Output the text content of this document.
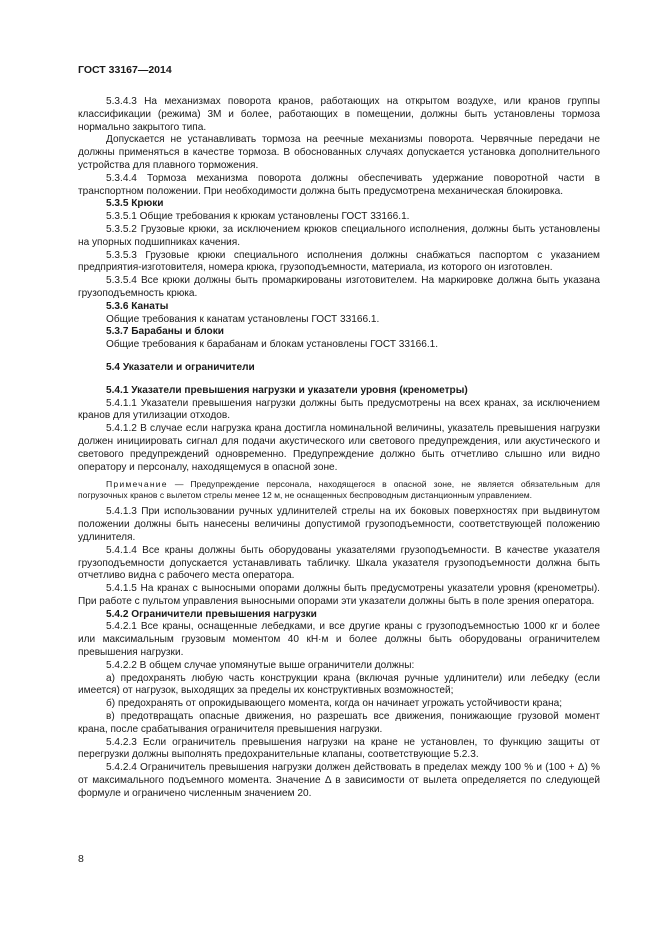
ГОСТ 33167—2014

5.3.4.3 На механизмах поворота кранов, работающих на открытом воздухе, или кранов группы классификации (режима) 3М и более, работающих в помещении, должны быть установлены тормоза нормально закрытого типа.

Допускается не устанавливать тормоза на реечные механизмы поворота. Червячные передачи не должны применяться в качестве тормоза. В обоснованных случаях допускается установка дополнительного устройства для плавного торможения.

5.3.4.4 Тормоза механизма поворота должны обеспечивать удержание поворотной части в транспортном положении. При необходимости должна быть предусмотрена механическая блокировка.

5.3.5 Крюки

5.3.5.1 Общие требования к крюкам установлены ГОСТ 33166.1.

5.3.5.2 Грузовые крюки, за исключением крюков специального исполнения, должны быть установлены на упорных подшипниках качения.

5.3.5.3 Грузовые крюки специального исполнения должны снабжаться паспортом с указанием предприятия-изготовителя, номера крюка, грузоподъемности, материала, из которого он изготовлен.

5.3.5.4 Все крюки должны быть промаркированы изготовителем. На маркировке должна быть указана грузоподъемность крюка.

5.3.6 Канаты

Общие требования к канатам установлены ГОСТ 33166.1.

5.3.7 Барабаны и блоки

Общие требования к барабанам и блокам установлены ГОСТ 33166.1.

5.4 Указатели и ограничители

5.4.1 Указатели превышения нагрузки и указатели уровня (кренометры)

5.4.1.1 Указатели превышения нагрузки должны быть предусмотрены на всех кранах, за исключением кранов для утилизации отходов.

5.4.1.2 В случае если нагрузка крана достигла номинальной величины, указатель превышения нагрузки должен инициировать сигнал для подачи акустического или светового предупреждения, или акустического и светового предупреждений одновременно. Предупреждение должно быть отчетливо слышно или видно оператору и персоналу, находящемуся в опасной зоне.

Примечание — Предупреждение персонала, находящегося в опасной зоне, не является обязательным для погрузочных кранов с вылетом стрелы менее 12 м, не оснащенных беспроводным дистанционным управлением.

5.4.1.3 При использовании ручных удлинителей стрелы на их боковых поверхностях при выдвинутом положении должны быть нанесены величины допустимой грузоподъемности, соответствующей положению удлинителя.

5.4.1.4 Все краны должны быть оборудованы указателями грузоподъемности. В качестве указателя грузоподъемности допускается устанавливать табличку. Шкала указателя грузоподъемности должна быть отчетливо видна с рабочего места оператора.

5.4.1.5 На кранах с выносными опорами должны быть предусмотрены указатели уровня (кренометры). При работе с пультом управления выносными опорами эти указатели должны быть в поле зрения оператора.

5.4.2 Ограничители превышения нагрузки

5.4.2.1 Все краны, оснащенные лебедками, и все другие краны с грузоподъемностью 1000 кг и более или максимальным грузовым моментом 40 кН·м и более должны быть оборудованы ограничителем превышения нагрузки.

5.4.2.2 В общем случае упомянутые выше ограничители должны:

а) предохранять любую часть конструкции крана (включая ручные удлинители) или лебедку (если имеется) от нагрузок, выходящих за пределы их конструктивных возможностей;

б) предохранять от опрокидывающего момента, когда он начинает угрожать устойчивости крана;

в) предотвращать опасные движения, но разрешать все движения, понижающие грузовой момент крана, после срабатывания ограничителя превышения нагрузки.

5.4.2.3 Если ограничитель превышения нагрузки на кране не установлен, то функцию защиты от перегрузки должны выполнять предохранительные клапаны, соответствующие 5.2.3.

5.4.2.4 Ограничитель превышения нагрузки должен действовать в пределах между 100 % и (100 + Δ) % от максимального подъемного момента. Значение Δ в зависимости от вылета определяется по следующей формуле и ограничено численным значением 20.

8
